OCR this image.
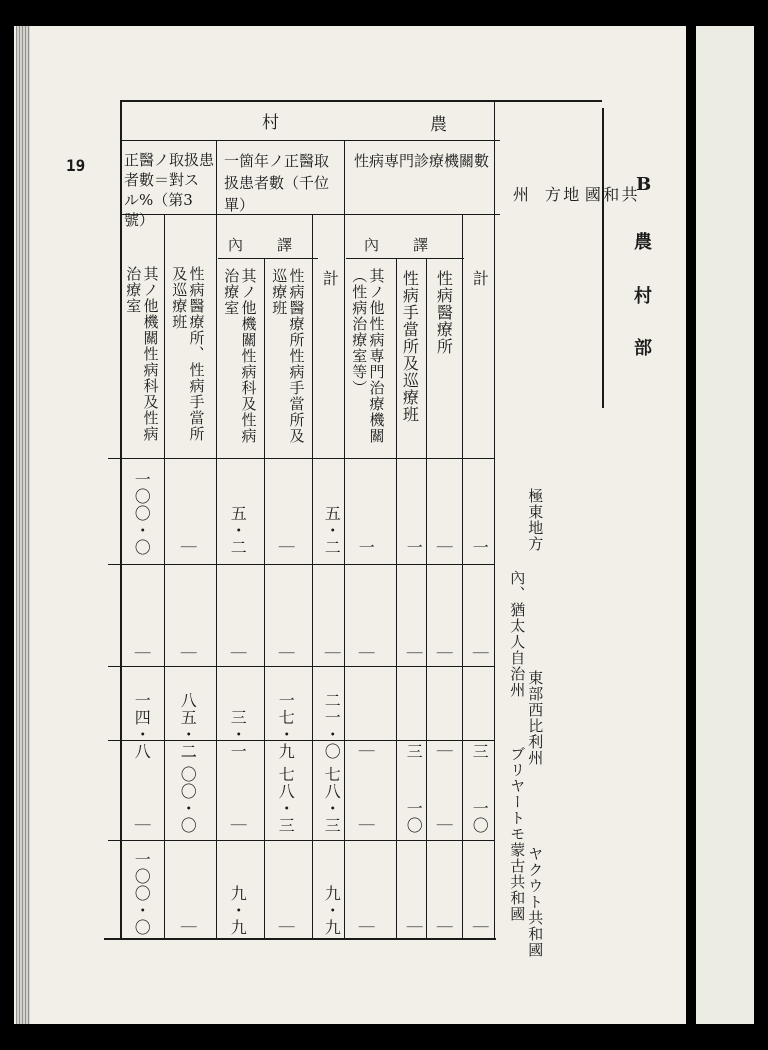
19
B
農
村
部
村	農
共
和
國
地
方
州
性病専門診療機關數
一箇年ノ正醫取扱患者數（千位單）
正醫ノ取扱患者數＝對スル%（第3號）
內譯
內譯
計
性病醫療所
性病手當所及巡療班
其ノ他性病専門治療機關（性病治療室等）
計
性病醫療所性病手當所及巡療班
其ノ他機關性病科及性病治療室
性病醫療所、性病手當所及巡療班
其ノ他機關性病科及性病治療室
極東地方
內、猶太人自治州
東部西比利州
ブリヤートモ蒙古共和國 ヤクウト共和國
一
｜
一
一
五・二
｜
五・二
｜
一〇〇・〇
｜
｜
｜
｜
｜
｜
｜
｜
｜
三
｜
三
｜
二一・〇
一七・九
三・一
八五・二
一四・八
一〇
｜
一〇
｜
七八・三
七八・三
｜
一〇〇・〇
｜
｜
｜
｜
｜
九・九
｜
九・九
｜
一〇〇・〇
